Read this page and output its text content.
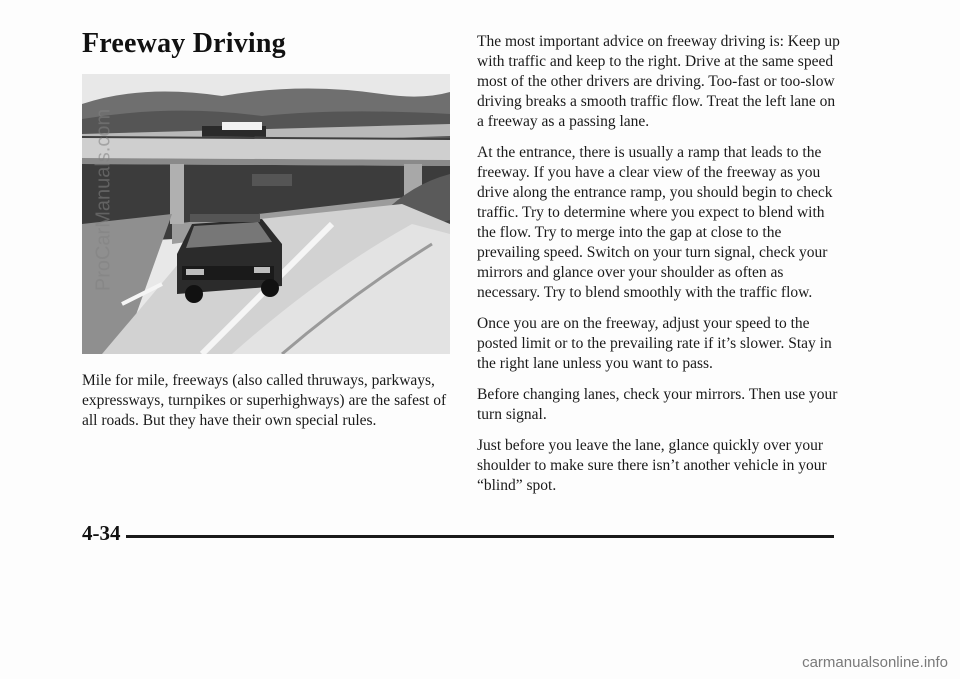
Freeway Driving

Mile for mile, freeways (also called thruways, parkways, expressways, turnpikes or superhighways) are the safest of all roads. But they have their own special rules.

The most important advice on freeway driving is: Keep up with traffic and keep to the right. Drive at the same speed most of the other drivers are driving. Too-fast or too-slow driving breaks a smooth traffic flow. Treat the left lane on a freeway as a passing lane.

At the entrance, there is usually a ramp that leads to the freeway. If you have a clear view of the freeway as you drive along the entrance ramp, you should begin to check traffic. Try to determine where you expect to blend with the flow. Try to merge into the gap at close to the prevailing speed. Switch on your turn signal, check your mirrors and glance over your shoulder as often as necessary. Try to blend smoothly with the traffic flow.

Once you are on the freeway, adjust your speed to the posted limit or to the prevailing rate if it’s slower. Stay in the right lane unless you want to pass.

Before changing lanes, check your mirrors. Then use your turn signal.

Just before you leave the lane, glance quickly over your shoulder to make sure there isn’t another vehicle in your “blind” spot.

ProCarManuals.com

4-34

carmanualsonline.info
